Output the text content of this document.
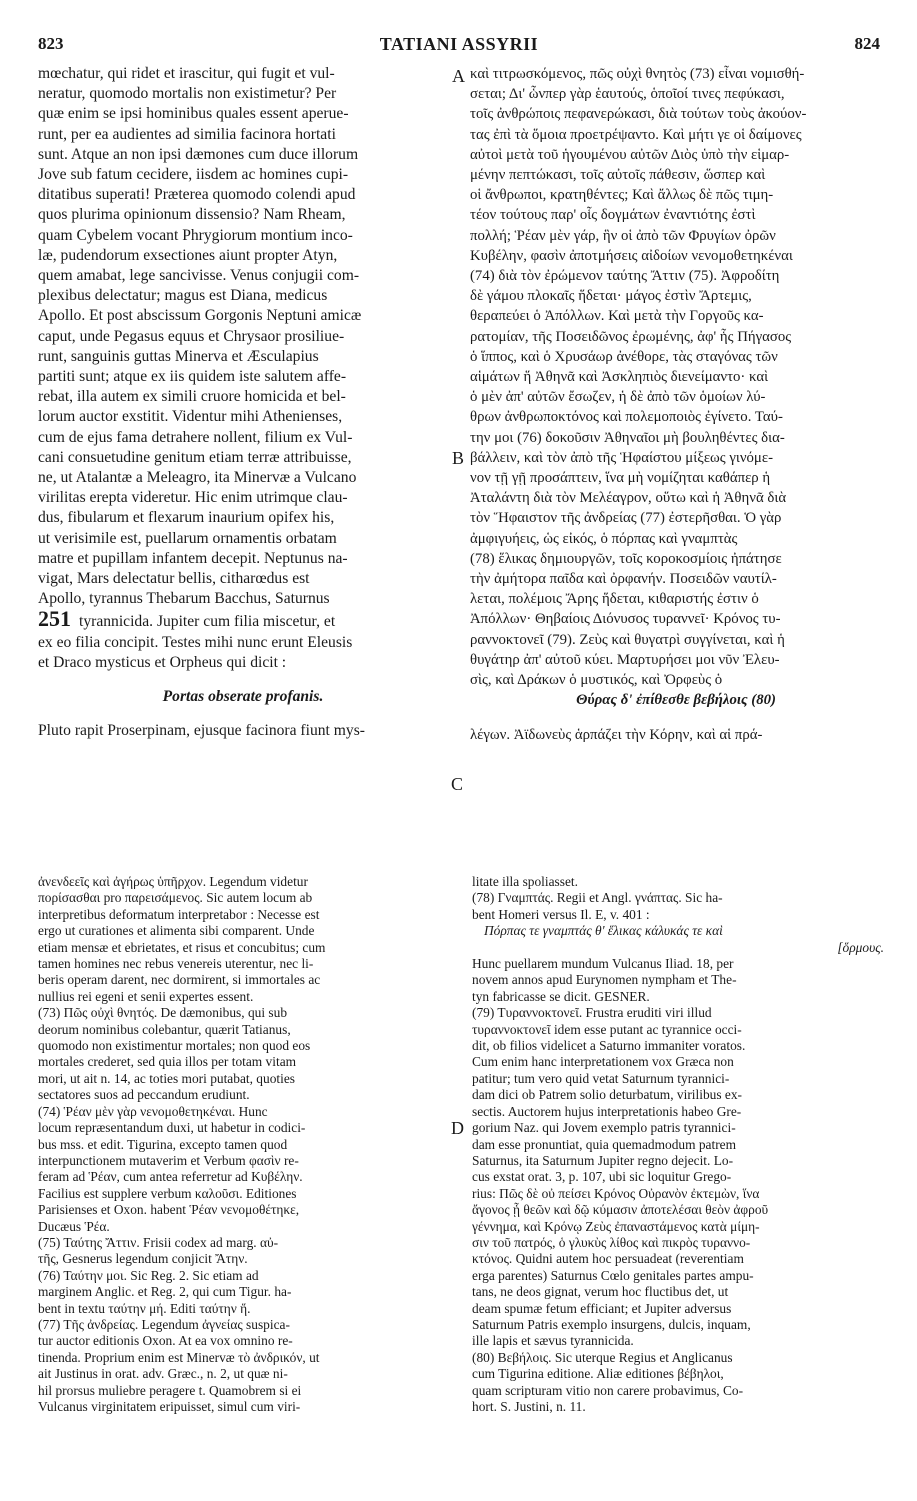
823	TATIANI ASSYRII	824
A
B
C
D
mœchatur, qui ridet et irascitur, qui fugit et vul-
neratur, quomodo mortalis non existimetur? Per
quæ enim se ipsi hominibus quales essent aperue-
runt, per ea audientes ad similia facinora hortati
sunt. Atque an non ipsi dæmones cum duce illorum
Jove sub fatum cecidere, iisdem ac homines cupi-
ditatibus superati! Præterea quomodo colendi apud
quos plurima opinionum dissensio? Nam Rheam,
quam Cybelem vocant Phrygiorum montium inco-
læ, pudendorum exsectiones aiunt propter Atyn,
quem amabat, lege sancivisse. Venus conjugii com-
plexibus delectatur; magus est Diana, medicus
Apollo. Et post abscissum Gorgonis Neptuni amicæ
caput, unde Pegasus equus et Chrysaor prosiliue-
runt, sanguinis guttas Minerva et Æsculapius
partiti sunt; atque ex iis quidem iste salutem affe-
rebat, illa autem ex simili cruore homicida et bel-
lorum auctor exstitit. Videntur mihi Athenienses,
cum de ejus fama detrahere nollent, filium ex Vul-
cani consuetudine genitum etiam terræ attribuisse,
ne, ut Atalantæ a Meleagro, ita Minervæ a Vulcano
virilitas erepta videretur. Hic enim utrimque clau-
dus, fibularum et flexarum inaurium opifex his,
ut verisimile est, puellarum ornamentis orbatam
matre et pupillam infantem decepit. Neptunus na-
vigat, Mars delectatur bellis, citharœdus est
Apollo, tyrannus Thebarum Bacchus, Saturnus
251 tyrannicida. Jupiter cum filia miscetur, et
ex eo filia concipit. Testes mihi nunc erunt Eleusis
et Draco mysticus et Orpheus qui dicit :
Portas obserate profanis.
Pluto rapit Proserpinam, ejusque facinora fiunt mys-
καὶ τιτρωσκόμενος, πῶς οὐχὶ θνητὸς (73) εἶναι νομισθή-
σεται; Δι' ὧνπερ γὰρ ἑαυτούς, ὁποῖοί τινες πεφύκασι,
τοῖς ἀνθρώποις πεφανερώκασι, διὰ τούτων τοὺς ἀκούον-
τας ἐπὶ τὰ ὅμοια προετρέψαντο. Καὶ μήτι γε οἱ δαίμονες
αὐτοὶ μετὰ τοῦ ἡγουμένου αὐτῶν Διὸς ὑπὸ τὴν εἱμαρ-
μένην πεπτώκασι, τοῖς αὐτοῖς πάθεσιν, ὥσπερ καὶ
οἱ ἄνθρωποι, κρατηθέντες; Καὶ ἄλλως δὲ πῶς τιμη-
τέον τούτους παρ' οἷς δογμάτων ἐναντιότης ἐστὶ
πολλή; Ῥέαν μὲν γάρ, ἣν οἱ ἀπὸ τῶν Φρυγίων ὀρῶν
Κυβέλην, φασὶν ἀποτμήσεις αἰδοίων νενομοθετηκέναι
(74) διὰ τὸν ἐρώμενον ταύτης Ἄττιν (75). Ἀφροδίτη
δὲ γάμου πλοκαῖς ἥδεται· μάγος ἐστὶν Ἄρτεμις,
θεραπεύει ὁ Ἀπόλλων. Καὶ μετὰ τὴν Γοργοῦς κα-
ρατομίαν, τῆς Ποσειδῶνος ἐρωμένης, ἀφ' ἧς Πήγασος
ὁ ἵππος, καὶ ὁ Χρυσάωρ ἀνέθορε, τὰς σταγόνας τῶν
αἱμάτων ἥ Ἀθηνᾶ καὶ Ἀσκληπιὸς διενείμαντο· καὶ
ὁ μὲν ἀπ' αὐτῶν ἔσωζεν, ἡ δὲ ἀπὸ τῶν ὁμοίων λύ-
θρων ἀνθρωποκτόνος καὶ πολεμοποιὸς ἐγίνετο. Ταύ-
την μοι (76) δοκοῦσιν Ἀθηναῖοι μὴ βουληθέντες δια-
βάλλειν, καὶ τὸν ἀπὸ τῆς Ἡφαίστου μίξεως γινόμε-
νον τῇ γῇ προσάπτειν, ἵνα μὴ νομίζηται καθάπερ ἡ
Ἀταλάντη διὰ τὸν Μελέαγρον, οὕτω καὶ ἡ Ἀθηνᾶ διὰ
τὸν Ἥφαιστον τῆς ἀνδρείας (77) ἐστερῆσθαι. Ὁ γὰρ
ἀμφιγυήεις, ὡς εἰκός, ὁ πόρπας καὶ γναμπτὰς
(78) ἕλικας δημιουργῶν, τοῖς κοροκοσμίοις ἠπάτησε
τὴν ἀμήτορα παῖδα καὶ ὀρφανήν. Ποσειδῶν ναυτίλ-
λεται, πολέμοις Ἄρης ἥδεται, κιθαριστής ἐστιν ὁ
Ἀπόλλων· Θηβαίοις Διόνυσος τυραννεῖ· Κρόνος τυ-
ραννοκτονεῖ (79). Ζεὺς καὶ θυγατρὶ συγγίνεται, καὶ ἡ
θυγάτηρ ἀπ' αὐτοῦ κύει. Μαρτυρήσει μοι νῦν Ἐλευ-
σὶς, καὶ Δράκων ὁ μυστικός, καὶ Ὀρφεὺς ὁ
Θύρας δ' ἐπίθεσθε βεβήλοις (80)
λέγων. Ἀϊδωνεὺς ἁρπάζει τὴν Κόρην, καὶ αἱ πρά-
ἀνενδεεῖς καὶ ἀγήρως ὑπῆρχον. Legendum videtur
πορίσασθαι pro παρεισάμενος. Sic autem locum ab
interpretibus deformatum interpretabor : Necesse est
ergo ut curationes et alimenta sibi comparent. Unde
etiam mensæ et ebrietates, et risus et concubitus; cum
tamen homines nec rebus venereis uterentur, nec li-
beris operam darent, nec dormirent, si immortales ac
nullius rei egeni et senii expertes essent.
(73) Πῶς οὐχὶ θνητός. De dæmonibus, qui sub
deorum nominibus colebantur, quærit Tatianus,
quomodo non existimentur mortales; non quod eos
mortales crederet, sed quia illos per totam vitam
mori, ut ait n. 14, ac toties mori putabat, quoties
sectatores suos ad peccandum erudiunt.
(74) Ῥέαν μὲν γὰρ νενομοθετηκέναι. Hunc
locum repræsentandum duxi, ut habetur in codici-
bus mss. et edit. Tigurina, excepto tamen quod
interpunctionem mutaverim et Verbum φασὶν re-
feram ad Ῥέαν, cum antea referretur ad Κυβέλην.
Facilius est supplere verbum καλοῦσι. Editiones
Parisienses et Oxon. habent Ῥέαν νενομοθέτηκε,
Ducæus Ῥέα.
(75) Ταύτης Ἄττιν. Frisii codex ad marg. αὐ-
τῆς, Gesnerus legendum conjicit Ἄτην.
(76) Ταύτην μοι. Sic Reg. 2. Sic etiam ad
marginem Anglic. et Reg. 2, qui cum Tigur. ha-
bent in textu ταύτην μή. Editi ταύτην ἥ.
(77) Τῆς ἀνδρείας. Legendum ἀγνείας suspica-
tur auctor editionis Oxon. At ea vox omnino re-
tinenda. Proprium enim est Minervæ τὸ ἀνδρικόν, ut
ait Justinus in orat. adv. Græc., n. 2, ut quæ ni-
hil prorsus muliebre peragere t. Quamobrem si ei
Vulcanus virginitatem eripuisset, simul cum viri-
litate illa spoliasset.
(78) Γναμπτάς. Regii et Angl. γνάπτας. Sic ha-
bent Homeri versus Il. E, v. 401 :
Πόρπας τε γναμπτάς θ' ἕλικας κάλυκάς τε καὶ
[ὅρμους.
Hunc puellarem mundum Vulcanus Iliad. 18, per
novem annos apud Eurynomen nympham et The-
tyn fabricasse se dicit. GESNER.
(79) Τυραννοκτονεῖ. Frustra eruditi viri illud
τυραννοκτονεῖ idem esse putant ac tyrannice occi-
dit, ob filios videlicet a Saturno immaniter voratos.
Cum enim hanc interpretationem vox Græca non
patitur; tum vero quid vetat Saturnum tyrannici-
dam dici ob Patrem solio deturbatum, virilibus ex-
sectis. Auctorem hujus interpretationis habeo Gre-
gorium Naz. qui Jovem exemplo patris tyrannici-
dam esse pronuntiat, quia quemadmodum patrem
Saturnus, ita Saturnum Jupiter regno dejecit. Lo-
cus exstat orat. 3, p. 107, ubi sic loquitur Grego-
rius: Πῶς δὲ οὐ πείσει Κρόνος Οὐρανὸν ἐκτεμὼν, ἵνα
ἄγονος ᾖ θεῶν καὶ δῷ κύμασιν ἀποτελέσαι θεὸν ἀφροῦ
γέννημα, καὶ Κρόνῳ Ζεὺς ἐπαναστάμενος κατὰ μίμη-
σιν τοῦ πατρός, ὁ γλυκὺς λίθος καὶ πικρὸς τυραννο-
κτόνος. Quidni autem hoc persuadeat (reverentiam
erga parentes) Saturnus Cœlo genitales partes ampu-
tans, ne deos gignat, verum hoc fluctibus det, ut
deam spumæ fetum efficiant; et Jupiter adversus
Saturnum Patris exemplo insurgens, dulcis, inquam,
ille lapis et sævus tyrannicida.
(80) Βεβήλοις. Sic uterque Regius et Anglicanus
cum Tigurina editione. Aliæ editiones βέβηλοι,
quam scripturam vitio non carere probavimus, Co-
hort. S. Justini, n. 11.
